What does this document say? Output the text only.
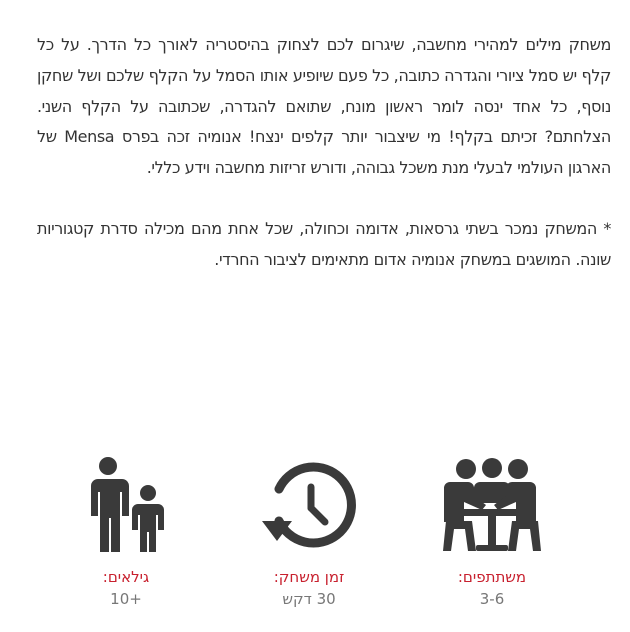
משחק מילים למהירי מחשבה, שיגרום לכם לצחוק בהיסטריה לאורך כל הדרך. על כל קלף יש סמל ציורי והגדרה כתובה, כל פעם שיופיע אותו הסמל על הקלף שלכם ושל שחקן נוסף, כל אחד ינסה לומר ראשון מונח, שתואם להגדרה, שכתובה על הקלף השני. הצלחתם? זכיתם בקלף! מי שיצבור יותר קלפים ינצח! אנומיה זכה בפרס Mensa של הארגון העולמי לבעלי מנת משכל גבוהה, ודורש זריזות מחשבה וידע כללי.

* המשחק נמכר בשתי גרסאות, אדומה וכחולה, שכל אחת מהם מכילה סדרת קטגוריות שונה. המושגים במשחק אנומיה אדום מתאימים לציבור החרדי.

משתתפים:
3-6
זמן משחק:
30 דקש
גילאים:
+10
